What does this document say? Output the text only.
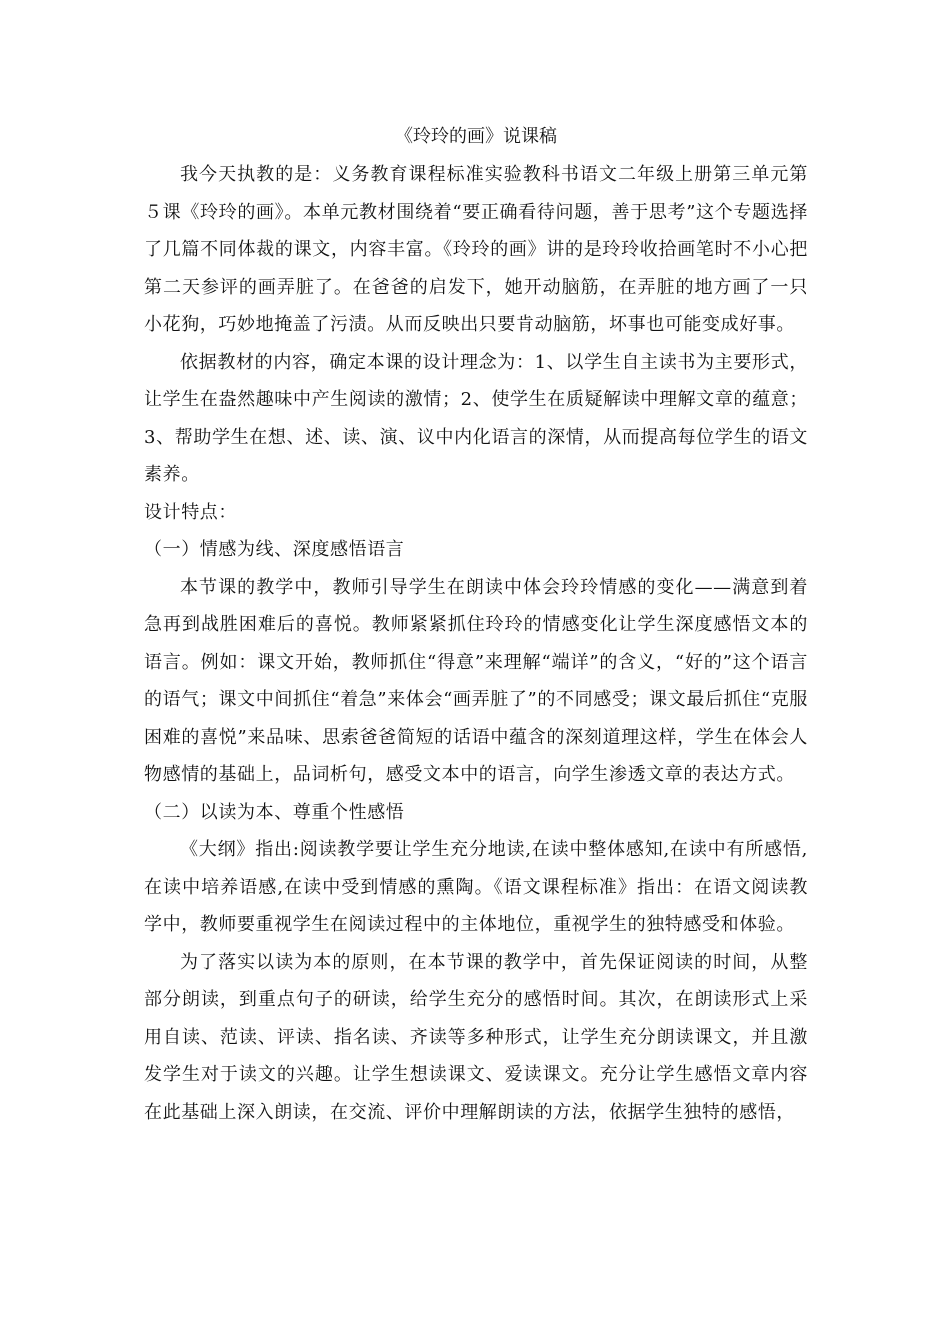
《玲玲的画》说课稿

我今天执教的是：义务教育课程标准实验教科书语文二年级上册第三单元第５课《玲玲的画》。本单元教材围绕着“要正确看待问题，善于思考”这个专题选择了几篇不同体裁的课文，内容丰富。《玲玲的画》讲的是玲玲收拾画笔时不小心把第二天参评的画弄脏了。在爸爸的启发下，她开动脑筋，在弄脏的地方画了一只小花狗，巧妙地掩盖了污渍。从而反映出只要肯动脑筋，坏事也可能变成好事。

依据教材的内容，确定本课的设计理念为：1、以学生自主读书为主要形式，让学生在盎然趣味中产生阅读的激情；2、使学生在质疑解读中理解文章的蕴意；3、帮助学生在想、述、读、演、议中内化语言的深情，从而提高每位学生的语文素养。

设计特点：

（一）情感为线、深度感悟语言

本节课的教学中，教师引导学生在朗读中体会玲玲情感的变化——满意到着急再到战胜困难后的喜悦。教师紧紧抓住玲玲的情感变化让学生深度感悟文本的语言。例如：课文开始，教师抓住“得意”来理解“端详”的含义，“好的”这个语言的语气；课文中间抓住“着急”来体会“画弄脏了”的不同感受；课文最后抓住“克服困难的喜悦”来品味、思索爸爸简短的话语中蕴含的深刻道理这样，学生在体会人物感情的基础上，品词析句，感受文本中的语言，向学生渗透文章的表达方式。

（二）以读为本、尊重个性感悟

《大纲》指出:阅读教学要让学生充分地读,在读中整体感知,在读中有所感悟,在读中培养语感,在读中受到情感的熏陶。《语文课程标准》指出：在语文阅读教学中，教师要重视学生在阅读过程中的主体地位，重视学生的独特感受和体验。

为了落实以读为本的原则，在本节课的教学中，首先保证阅读的时间，从整部分朗读，到重点句子的研读，给学生充分的感悟时间。其次，在朗读形式上采用自读、范读、评读、指名读、齐读等多种形式，让学生充分朗读课文，并且激发学生对于读文的兴趣。让学生想读课文、爱读课文。充分让学生感悟文章内容在此基础上深入朗读，在交流、评价中理解朗读的方法，依据学生独特的感悟，
